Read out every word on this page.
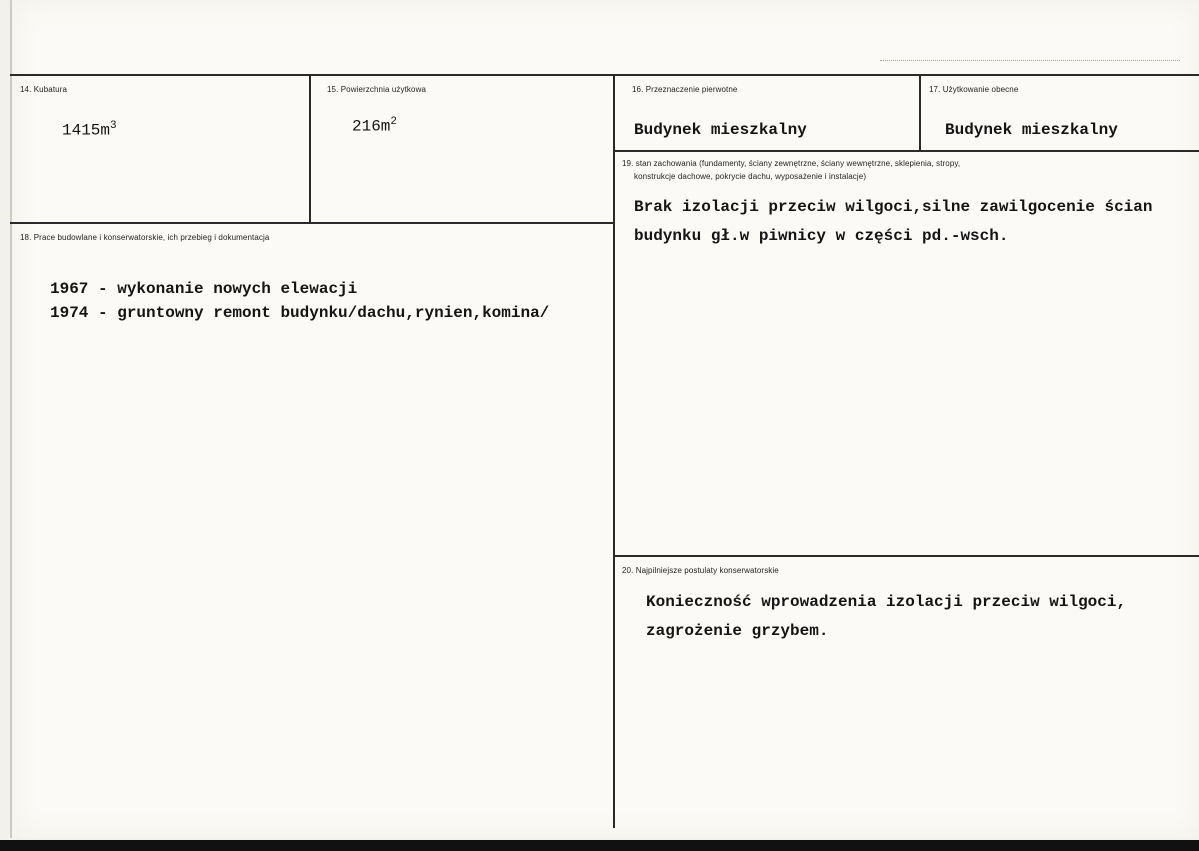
14. Kubatura
$1415m^3$
15. Powierzchnia użytkowa
$216m^2$
16. Przeznaczenie pierwotne
Budynek mieszkalny
17. Użytkowanie obecne
Budynek mieszkalny
19. stan zachowania (fundamenty, ściany zewnętrzne, ściany wewnętrzne, sklepienia, stropy,
konstrukcje dachowe, pokrycie dachu, wyposażenie i instalacje)
Brak izolacji przeciw wilgoci,silne zawilgocenie ścian
budynku gł.w piwnicy w części pd.-wsch.
18. Prace budowlane i konserwatorskie, ich przebieg i dokumentacja
1967 - wykonanie nowych elewacji
1974 - gruntowny remont budynku/dachu,rynien,komina/
20. Najpilniejsze postulaty konserwatorskie
Konieczność wprowadzenia izolacji przeciw wilgoci,
zagrożenie grzybem.
